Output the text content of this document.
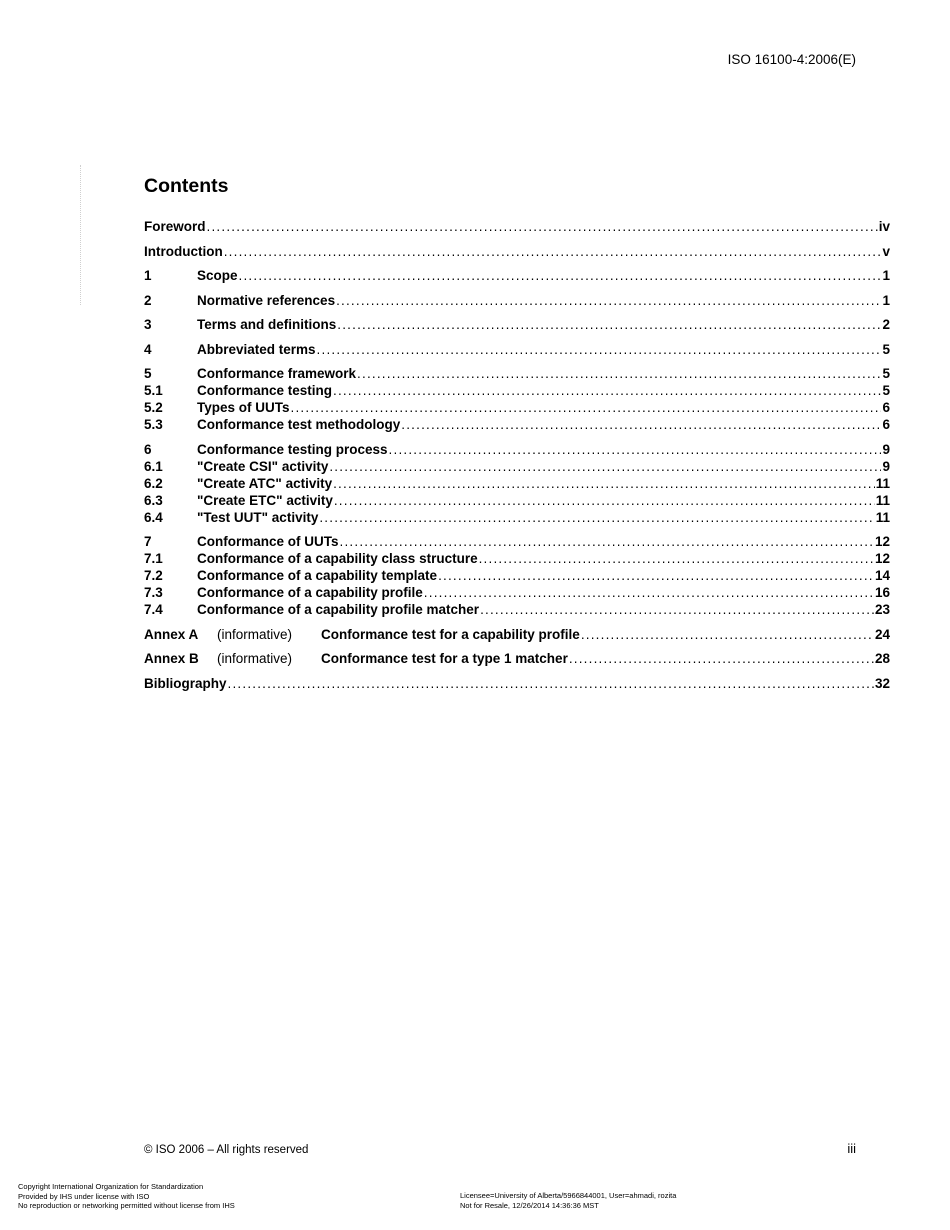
ISO 16100-4:2006(E)
Contents
Foreword .....	iv
Introduction .....	v
1	Scope .....	1
2	Normative references .....	1
3	Terms and definitions .....	2
4	Abbreviated terms .....	5
5	Conformance framework .....	5
5.1	Conformance testing .....	5
5.2	Types of UUTs .....	6
5.3	Conformance test methodology .....	6
6	Conformance testing process .....	9
6.1	"Create CSI" activity .....	9
6.2	"Create ATC" activity .....	11
6.3	"Create ETC" activity .....	11
6.4	"Test UUT" activity .....	11
7	Conformance of UUTs .....	12
7.1	Conformance of a capability class structure .....	12
7.2	Conformance of a capability template .....	14
7.3	Conformance of a capability profile .....	16
7.4	Conformance of a capability profile matcher .....	23
Annex A	(informative)	Conformance test for a capability profile .....	24
Annex B	(informative)	Conformance test for a type 1 matcher .....	28
Bibliography .....	32
© ISO 2006 – All rights reserved	iii
Copyright International Organization for Standardization
Provided by IHS under license with ISO
No reproduction or networking permitted without license from IHS
Licensee=University of Alberta/5966844001, User=ahmadi, rozita
Not for Resale, 12/26/2014 14:36:36 MST
